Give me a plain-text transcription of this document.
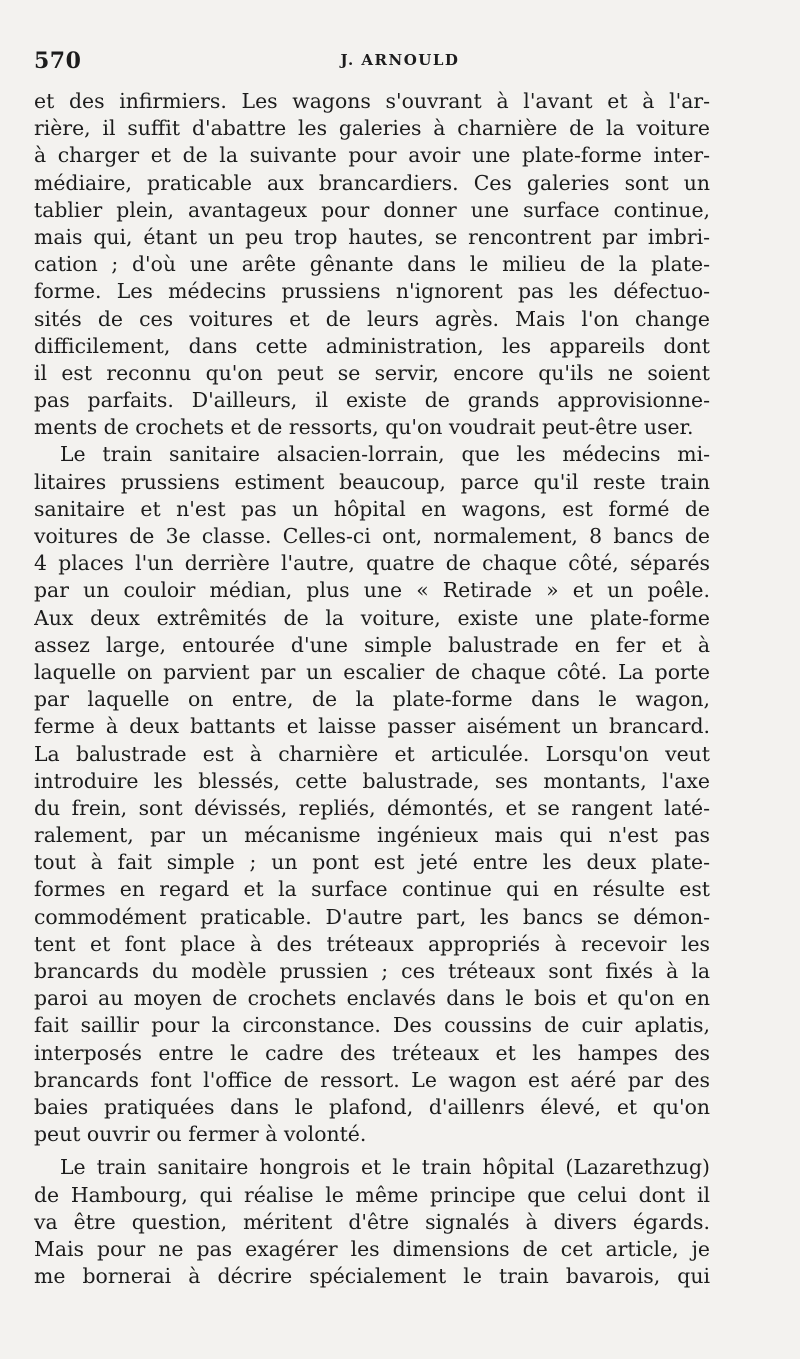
570	J. ARNOULD
et des infirmiers. Les wagons s'ouvrant à l'avant et à l'ar-
rière, il suffit d'abattre les galeries à charnière de la voiture
à charger et de la suivante pour avoir une plate-forme inter-
médiaire, praticable aux brancardiers. Ces galeries sont un
tablier plein, avantageux pour donner une surface continue,
mais qui, étant un peu trop hautes, se rencontrent par imbri-
cation ; d'où une arête gênante dans le milieu de la plate-
forme. Les médecins prussiens n'ignorent pas les défectuo-
sités de ces voitures et de leurs agrès. Mais l'on change
difficilement, dans cette administration, les appareils dont
il est reconnu qu'on peut se servir, encore qu'ils ne soient
pas parfaits. D'ailleurs, il existe de grands approvisionne-
ments de crochets et de ressorts, qu'on voudrait peut-être user.
Le train sanitaire alsacien-lorrain, que les médecins mi-
litaires prussiens estiment beaucoup, parce qu'il reste train
sanitaire et n'est pas un hôpital en wagons, est formé de
voitures de 3e classe. Celles-ci ont, normalement, 8 bancs de
4 places l'un derrière l'autre, quatre de chaque côté, séparés
par un couloir médian, plus une « Retirade » et un poêle.
Aux deux extrêmités de la voiture, existe une plate-forme
assez large, entourée d'une simple balustrade en fer et à
laquelle on parvient par un escalier de chaque côté. La porte
par laquelle on entre, de la plate-forme dans le wagon,
ferme à deux battants et laisse passer aisément un brancard.
La balustrade est à charnière et articulée. Lorsqu'on veut
introduire les blessés, cette balustrade, ses montants, l'axe
du frein, sont dévissés, repliés, démontés, et se rangent laté-
ralement, par un mécanisme ingénieux mais qui n'est pas
tout à fait simple ; un pont est jeté entre les deux plate-
formes en regard et la surface continue qui en résulte est
commodément praticable. D'autre part, les bancs se démon-
tent et font place à des tréteaux appropriés à recevoir les
brancards du modèle prussien ; ces tréteaux sont fixés à la
paroi au moyen de crochets enclavés dans le bois et qu'on en
fait saillir pour la circonstance. Des coussins de cuir aplatis,
interposés entre le cadre des tréteaux et les hampes des
brancards font l'office de ressort. Le wagon est aéré par des
baies pratiquées dans le plafond, d'aillenrs élevé, et qu'on
peut ouvrir ou fermer à volonté.
Le train sanitaire hongrois et le train hôpital (Lazarethzug)
de Hambourg, qui réalise le même principe que celui dont il
va être question, méritent d'être signalés à divers égards.
Mais pour ne pas exagérer les dimensions de cet article, je
me bornerai à décrire spécialement le train bavarois, qui
